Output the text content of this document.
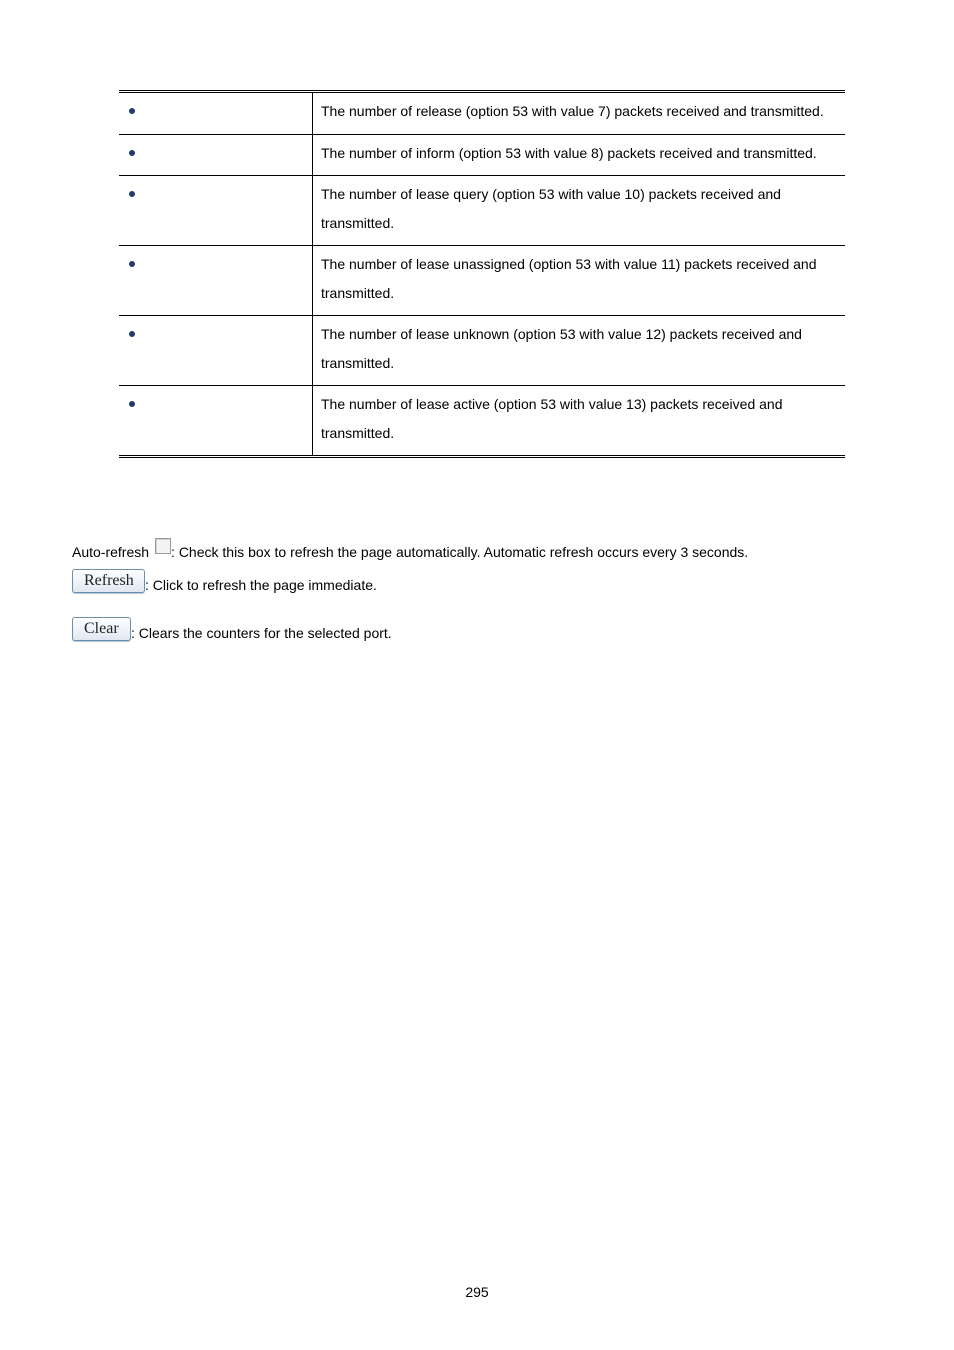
	The number of release (option 53 with value 7) packets received and transmitted.
	The number of inform (option 53 with value 8) packets received and transmitted.
	The number of lease query (option 53 with value 10) packets received and transmitted.
	The number of lease unassigned (option 53 with value 11) packets received and transmitted.
	The number of lease unknown (option 53 with value 12) packets received and transmitted.
	The number of lease active (option 53 with value 13) packets received and transmitted.
Auto-refresh : Check this box to refresh the page automatically. Automatic refresh occurs every 3 seconds.
Refresh : Click to refresh the page immediate.
Clear : Clears the counters for the selected port.
295
